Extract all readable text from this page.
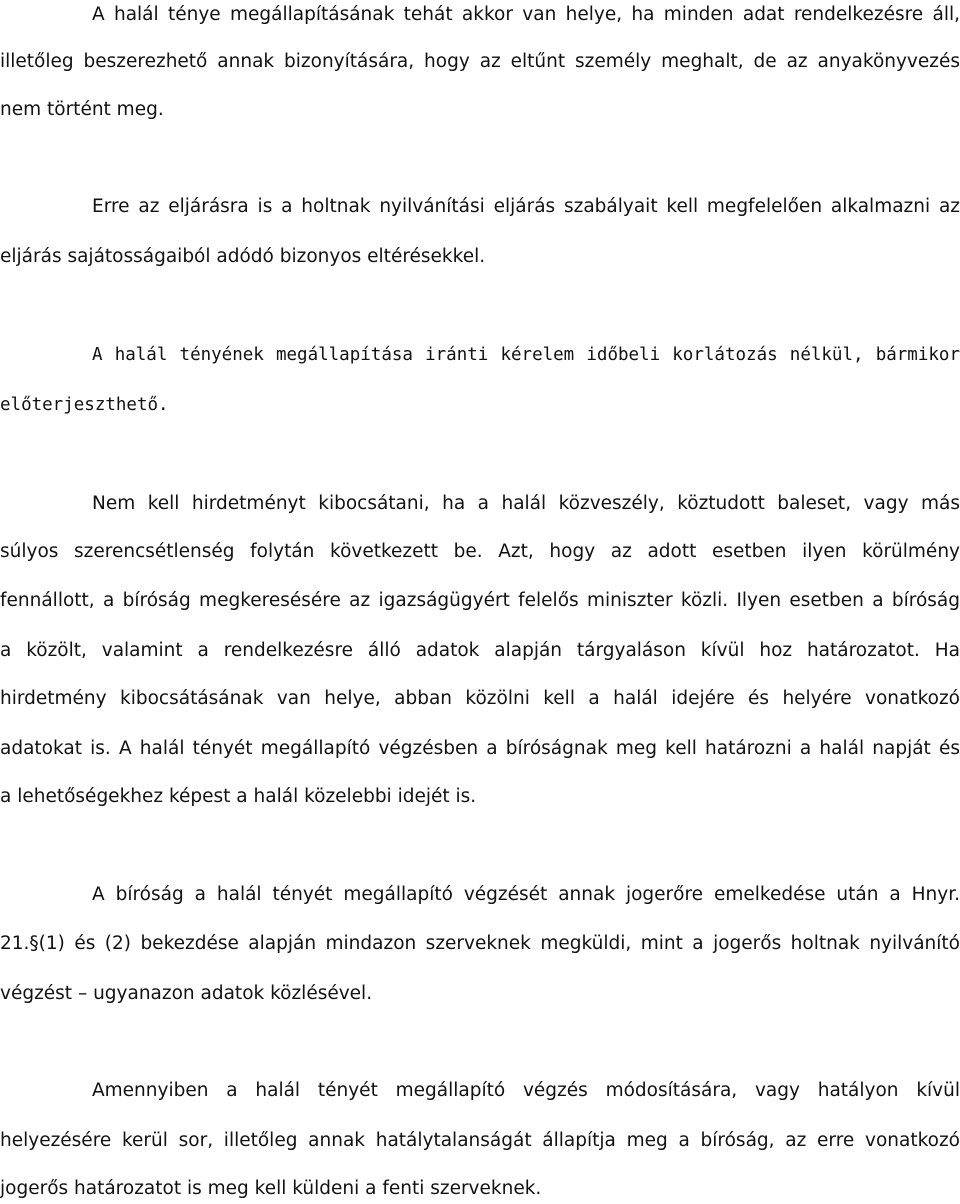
A halál ténye megállapításának tehát akkor van helye, ha minden adat rendelkezésre áll,
illetőleg beszerezhető annak bizonyítására, hogy az eltűnt személy meghalt, de az anyakönyvezés
nem történt meg.
Erre az eljárásra is a holtnak nyilvánítási eljárás szabályait kell megfelelően alkalmazni az
eljárás sajátosságaiból adódó bizonyos eltérésekkel.
A halál tényének megállapítása iránti kérelem időbeli korlátozás nélkül, bármikor
előterjeszthető.
Nem kell hirdetményt kibocsátani, ha a halál közveszély, köztudott baleset, vagy más
súlyos szerencsétlenség folytán következett be. Azt, hogy az adott esetben ilyen körülmény
fennállott, a bíróság megkeresésére az igazságügyért felelős miniszter közli. Ilyen esetben a bíróság
a közölt, valamint a rendelkezésre álló adatok alapján tárgyaláson kívül hoz határozatot. Ha
hirdetmény kibocsátásának van helye, abban közölni kell a halál idejére és helyére vonatkozó
adatokat is. A halál tényét megállapító végzésben a bíróságnak meg kell határozni a halál napját és
a lehetőségekhez képest a halál közelebbi idejét is.
A bíróság a halál tényét megállapító végzését annak jogerőre emelkedése után a Hnyr.
21.§(1) és (2) bekezdése alapján mindazon szerveknek megküldi, mint a jogerős holtnak nyilvánító
végzést – ugyanazon adatok közlésével.
Amennyiben a halál tényét megállapító végzés módosítására, vagy hatályon kívül
helyezésére kerül sor, illetőleg annak hatálytalanságát állapítja meg a bíróság, az erre vonatkozó
jogerős határozatot is meg kell küldeni a fenti szerveknek.
